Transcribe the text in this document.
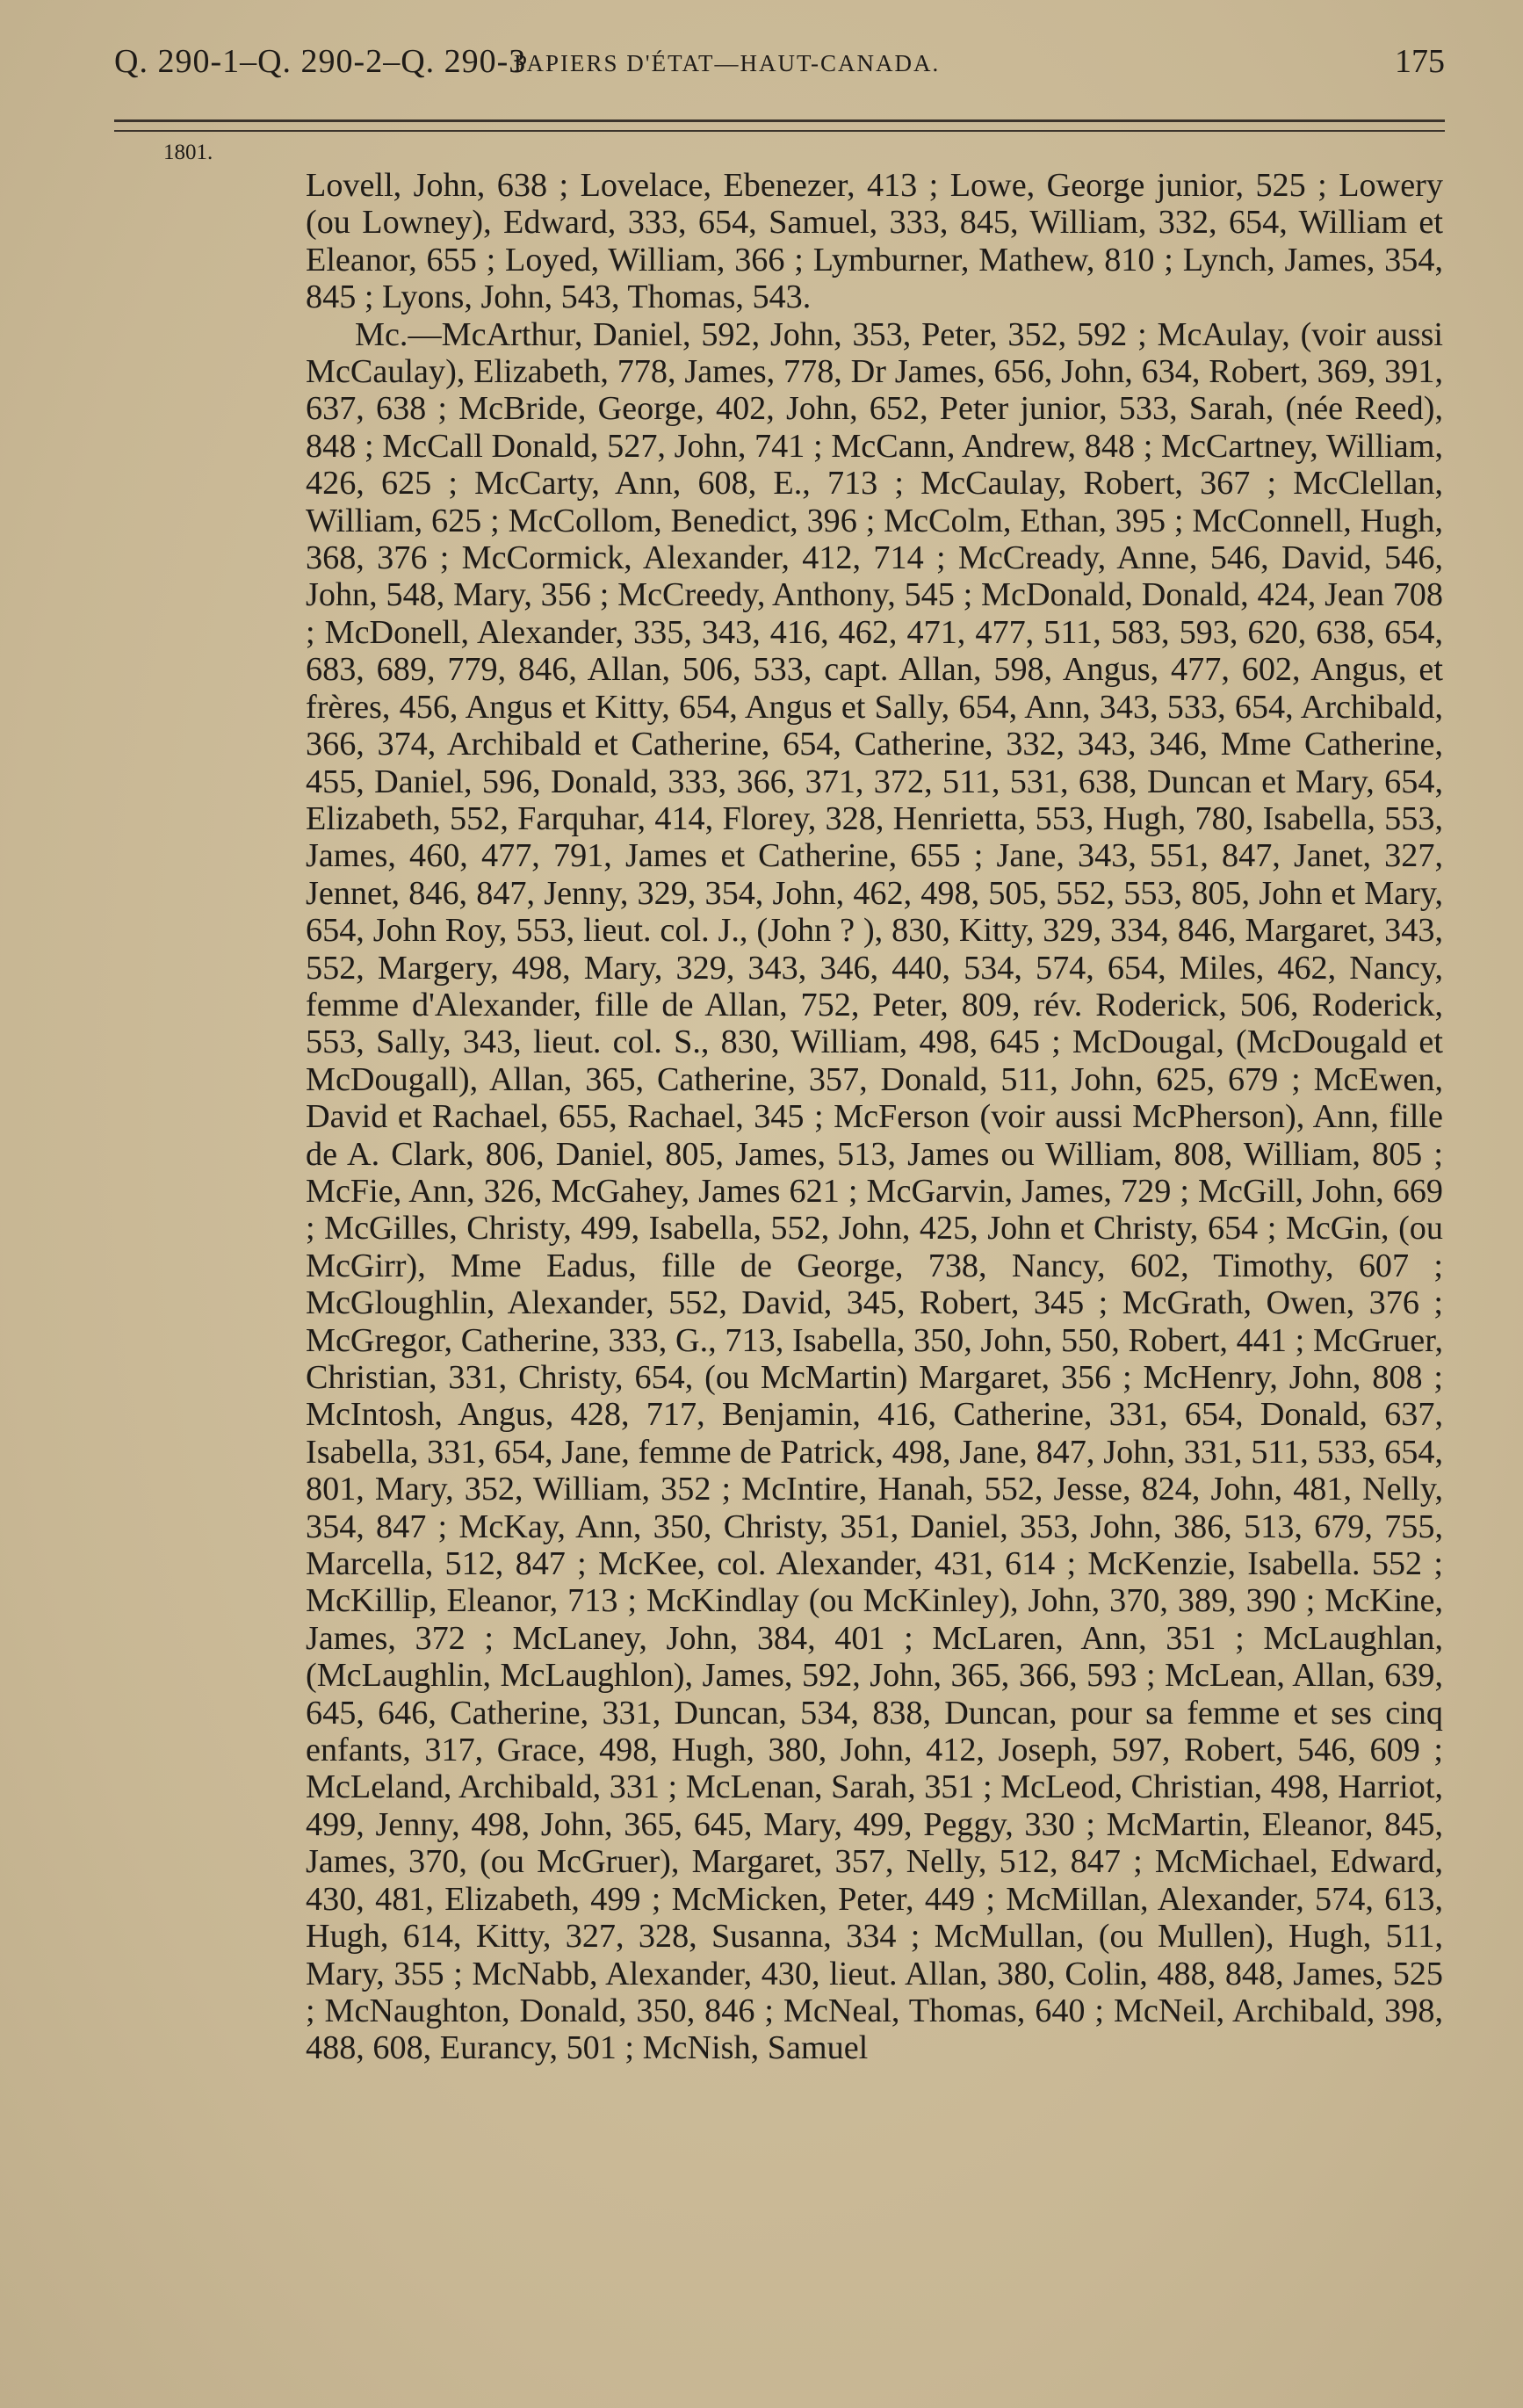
Q. 290-1–Q. 290-2–Q. 290-3
PAPIERS D'ÉTAT—HAUT-CANADA.	175
1801.

Lovell, John, 638 ; Lovelace, Ebenezer, 413 ; Lowe, George junior, 525 ; Lowery (ou Lowney), Edward, 333, 654, Samuel, 333, 845, William, 332, 654, William et Eleanor, 655 ; Loyed, William, 366 ; Lymburner, Mathew, 810 ; Lynch, James, 354, 845 ; Lyons, John, 543, Thomas, 543.

Mc.—McArthur, Daniel, 592, John, 353, Peter, 352, 592 ; McAulay, (voir aussi McCaulay), Elizabeth, 778, James, 778, Dr James, 656, John, 634, Robert, 369, 391, 637, 638 ; McBride, George, 402, John, 652, Peter junior, 533, Sarah, (née Reed), 848 ; McCall Donald, 527, John, 741 ; McCann, Andrew, 848 ; McCartney, William, 426, 625 ; McCarty, Ann, 608, E., 713 ; McCaulay, Robert, 367 ; McClellan, William, 625 ; McCollom, Benedict, 396 ; McColm, Ethan, 395 ; McConnell, Hugh, 368, 376 ; McCormick, Alexander, 412, 714 ; McCready, Anne, 546, David, 546, John, 548, Mary, 356 ; McCreedy, Anthony, 545 ; McDonald, Donald, 424, Jean 708 ; McDonell, Alexander, 335, 343, 416, 462, 471, 477, 511, 583, 593, 620, 638, 654, 683, 689, 779, 846, Allan, 506, 533, capt. Allan, 598, Angus, 477, 602, Angus, et frères, 456, Angus et Kitty, 654, Angus et Sally, 654, Ann, 343, 533, 654, Archibald, 366, 374, Archibald et Catherine, 654, Catherine, 332, 343, 346, Mme Catherine, 455, Daniel, 596, Donald, 333, 366, 371, 372, 511, 531, 638, Duncan et Mary, 654, Elizabeth, 552, Farquhar, 414, Florey, 328, Henrietta, 553, Hugh, 780, Isabella, 553, James, 460, 477, 791, James et Catherine, 655 ; Jane, 343, 551, 847, Janet, 327, Jennet, 846, 847, Jenny, 329, 354, John, 462, 498, 505, 552, 553, 805, John et Mary, 654, John Roy, 553, lieut. col. J., (John ? ), 830, Kitty, 329, 334, 846, Margaret, 343, 552, Margery, 498, Mary, 329, 343, 346, 440, 534, 574, 654, Miles, 462, Nancy, femme d'Alexander, fille de Allan, 752, Peter, 809, rév. Roderick, 506, Roderick, 553, Sally, 343, lieut. col. S., 830, William, 498, 645 ; McDougal, (McDougald et McDougall), Allan, 365, Catherine, 357, Donald, 511, John, 625, 679 ; McEwen, David et Rachael, 655, Rachael, 345 ; McFerson (voir aussi McPherson), Ann, fille de A. Clark, 806, Daniel, 805, James, 513, James ou William, 808, William, 805 ; McFie, Ann, 326, McGahey, James 621 ; McGarvin, James, 729 ; McGill, John, 669 ; McGilles, Christy, 499, Isabella, 552, John, 425, John et Christy, 654 ; McGin, (ou McGirr), Mme Eadus, fille de George, 738, Nancy, 602, Timothy, 607 ; McGloughlin, Alexander, 552, David, 345, Robert, 345 ; McGrath, Owen, 376 ; McGregor, Catherine, 333, G., 713, Isabella, 350, John, 550, Robert, 441 ; McGruer, Christian, 331, Christy, 654, (ou McMartin) Margaret, 356 ; McHenry, John, 808 ; McIntosh, Angus, 428, 717, Benjamin, 416, Catherine, 331, 654, Donald, 637, Isabella, 331, 654, Jane, femme de Patrick, 498, Jane, 847, John, 331, 511, 533, 654, 801, Mary, 352, William, 352 ; McIntire, Hanah, 552, Jesse, 824, John, 481, Nelly, 354, 847 ; McKay, Ann, 350, Christy, 351, Daniel, 353, John, 386, 513, 679, 755, Marcella, 512, 847 ; McKee, col. Alexander, 431, 614 ; McKenzie, Isabella. 552 ; McKillip, Eleanor, 713 ; McKindlay (ou McKinley), John, 370, 389, 390 ; McKine, James, 372 ; McLaney, John, 384, 401 ; McLaren, Ann, 351 ; McLaughlan, (McLaughlin, McLaughlon), James, 592, John, 365, 366, 593 ; McLean, Allan, 639, 645, 646, Catherine, 331, Duncan, 534, 838, Duncan, pour sa femme et ses cinq enfants, 317, Grace, 498, Hugh, 380, John, 412, Joseph, 597, Robert, 546, 609 ; McLeland, Archibald, 331 ; McLenan, Sarah, 351 ; McLeod, Christian, 498, Harriot, 499, Jenny, 498, John, 365, 645, Mary, 499, Peggy, 330 ; McMartin, Eleanor, 845, James, 370, (ou McGruer), Margaret, 357, Nelly, 512, 847 ; McMichael, Edward, 430, 481, Elizabeth, 499 ; McMicken, Peter, 449 ; McMillan, Alexander, 574, 613, Hugh, 614, Kitty, 327, 328, Susanna, 334 ; McMullan, (ou Mullen), Hugh, 511, Mary, 355 ; McNabb, Alexander, 430, lieut. Allan, 380, Colin, 488, 848, James, 525 ; McNaughton, Donald, 350, 846 ; McNeal, Thomas, 640 ; McNeil, Archibald, 398, 488, 608, Eurancy, 501 ; McNish, Samuel
